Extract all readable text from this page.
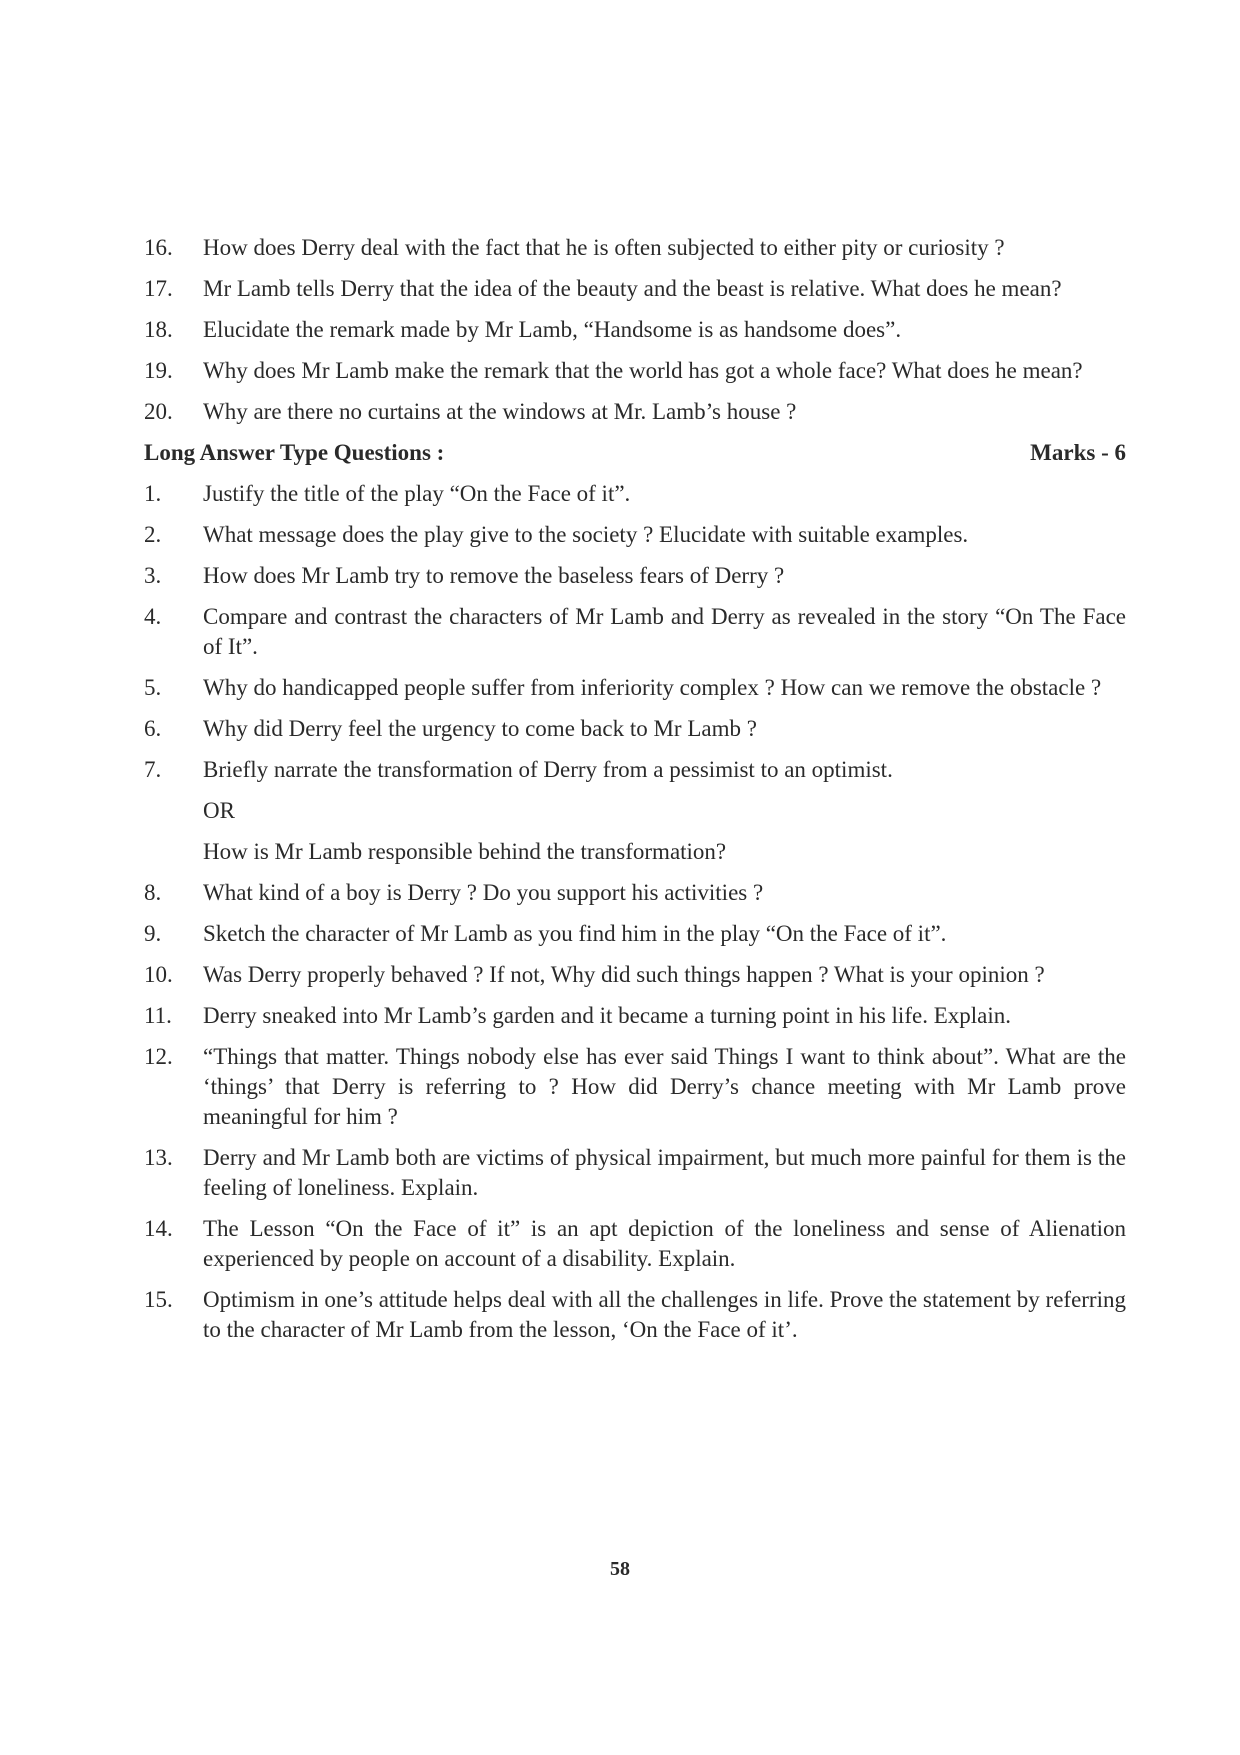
16.	How does Derry deal with the fact that he is often subjected to either pity or curiosity ?
17.	Mr Lamb tells Derry that the idea of the beauty and the beast is relative. What does he mean?
18.	Elucidate the remark made by Mr Lamb, “Handsome is as handsome does”.
19.	Why does Mr Lamb make the remark that the world has got a whole face? What does he mean?
20.	Why are there no curtains at the windows at Mr. Lamb’s house ?
Long Answer Type Questions :	Marks - 6
1.	Justify the title of the play “On the Face of it”.
2.	What message does the play give to the society ? Elucidate with suitable examples.
3.	How does Mr Lamb try to remove the baseless fears of Derry ?
4.	Compare and contrast the characters of Mr Lamb and Derry as revealed in the story “On The Face of It”.
5.	Why do handicapped people suffer from inferiority complex ? How can we remove the obstacle ?
6.	Why did Derry feel the urgency to come back to Mr Lamb ?
7.	Briefly narrate the transformation of Derry from a pessimist to an optimist.
OR
How is Mr Lamb responsible behind the transformation?
8.	What kind of a boy is Derry ? Do you support his activities ?
9.	Sketch the character of Mr Lamb as you find him in the play “On the Face of it”.
10.	Was Derry properly behaved ? If not, Why did such things happen ? What is your opinion ?
11.	Derry sneaked into Mr Lamb’s garden and it became a turning point in his life. Explain.
12.	“Things that matter. Things nobody else has ever said Things I want to think about”. What are the ‘things’ that Derry is referring to ? How did Derry’s chance meeting with Mr Lamb prove meaningful for him ?
13.	Derry and Mr Lamb both are victims of physical impairment, but much more painful for them is the feeling of loneliness. Explain.
14.	The Lesson “On the Face of it” is an apt depiction of the loneliness and sense of Alienation experienced by people on account of a disability. Explain.
15.	Optimism in one’s attitude helps deal with all the challenges in life. Prove the statement by referring to the character of Mr Lamb from the lesson, ‘On the Face of it’.
58
